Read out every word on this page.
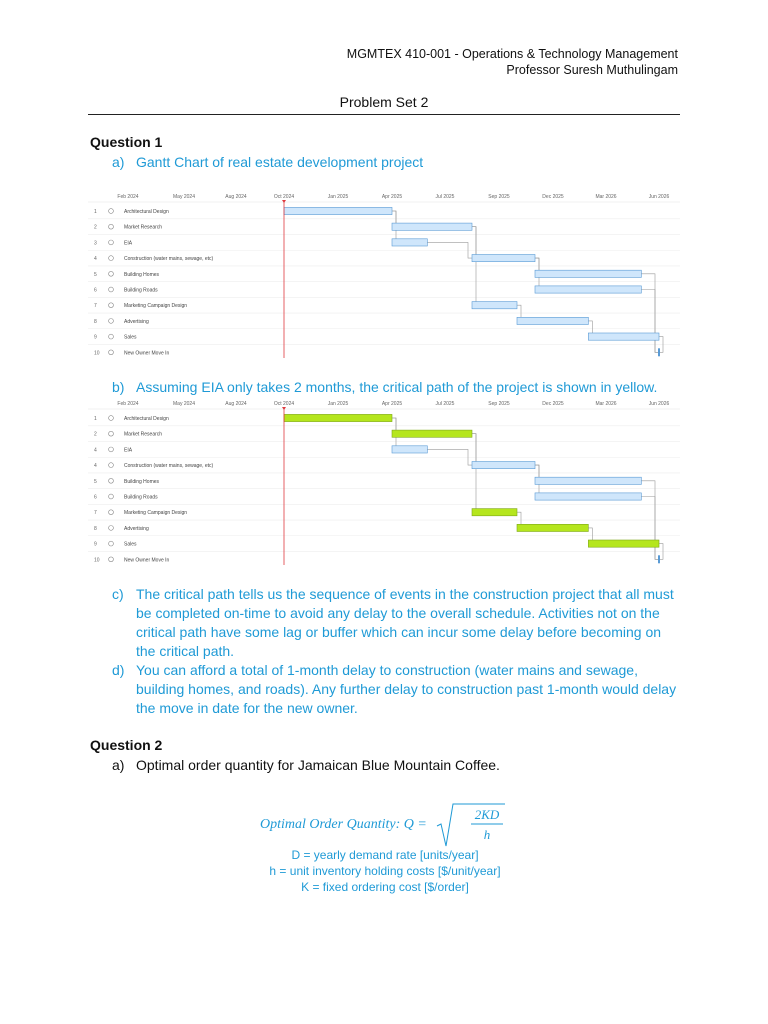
MGMTEX 410-001 - Operations & Technology Management
Professor Suresh Muthulingam
Problem Set 2
Question 1
a) Gantt Chart of real estate development project
Feb 2024	May 2024	Aug 2024	Oct 2024	Jan 2025	Apr 2025	Jul 2025	Sep 2025	Dec 2025	Mar 2026	Jun 2026
1	Architectural Design
2	Market Research
3	EIA
4	Construction (water mains, sewage, etc)
5	Building Homes
6	Building Roads
7	Marketing Campaign Design
8	Advertising
9	Sales
10	New Owner Move In
b) Assuming EIA only takes 2 months, the critical path of the project is shown in yellow.
Feb 2024	May 2024	Aug 2024	Oct 2024	Jan 2025	Apr 2025	Jul 2025	Sep 2025	Dec 2025	Mar 2026	Jun 2026
1	Architectural Design
2	Market Research
4	EIA
4	Construction (water mains, sewage, etc)
5	Building Homes
6	Building Roads
7	Marketing Campaign Design
8	Advertising
9	Sales
10	New Owner Move In
c) The critical path tells us the sequence of events in the construction project that all must be completed on-time to avoid any delay to the overall schedule. Activities not on the critical path have some lag or buffer which can incur some delay before becoming on the critical path.
d) You can afford a total of 1-month delay to construction (water mains and sewage, building homes, and roads). Any further delay to construction past 1-month would delay the move in date for the new owner.
Question 2
a) Optimal order quantity for Jamaican Blue Mountain Coffee.
Optimal Order Quantity: Q =
2KD
h
D = yearly demand rate [units/year]
h = unit inventory holding costs [$/unit/year]
K = fixed ordering cost [$/order]
